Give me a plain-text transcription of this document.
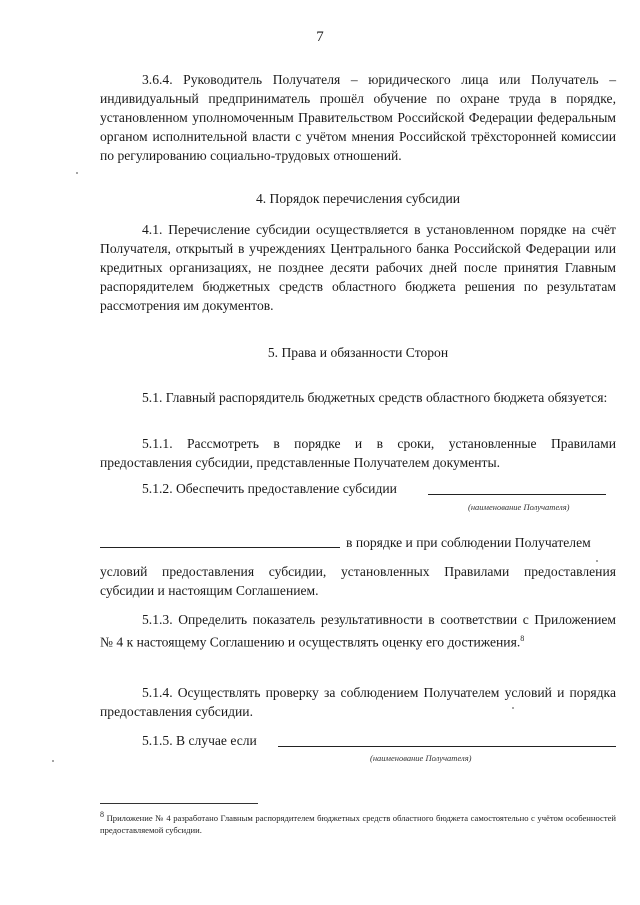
7

3.6.4. Руководитель Получателя – юридического лица или Получатель – индивидуальный предприниматель прошёл обучение по охране труда в порядке, установленном уполномоченным Правительством Российской Федерации федеральным органом исполнительной власти с учётом мнения Российской трёхсторонней комиссии по регулированию социально-трудовых отношений.

4. Порядок перечисления субсидии

4.1. Перечисление субсидии осуществляется в установленном порядке на счёт Получателя, открытый в учреждениях Центрального банка Российской Федерации или кредитных организациях, не позднее десяти рабочих дней после принятия Главным распорядителем бюджетных средств областного бюджета решения по результатам рассмотрения им документов.

5. Права и обязанности Сторон

5.1. Главный распорядитель бюджетных средств областного бюджета обязуется:

5.1.1. Рассмотреть в порядке и в сроки, установленные Правилами предоставления субсидии, представленные Получателем документы.

5.1.2. Обеспечить предоставление субсидии
(наименование Получателя)
в порядке и при соблюдении Получателем

условий предоставления субсидии, установленных Правилами предоставления субсидии и настоящим Соглашением.

5.1.3. Определить показатель результативности в соответствии с Приложением № 4 к настоящему Соглашению и осуществлять оценку его достижения.$^8$

5.1.4. Осуществлять проверку за соблюдением Получателем условий и порядка предоставления субсидии.

5.1.5. В случае если
(наименование Получателя)
8 Приложение № 4 разработано Главным распорядителем бюджетных средств областного бюджета самостоятельно с учётом особенностей предоставляемой субсидии.
